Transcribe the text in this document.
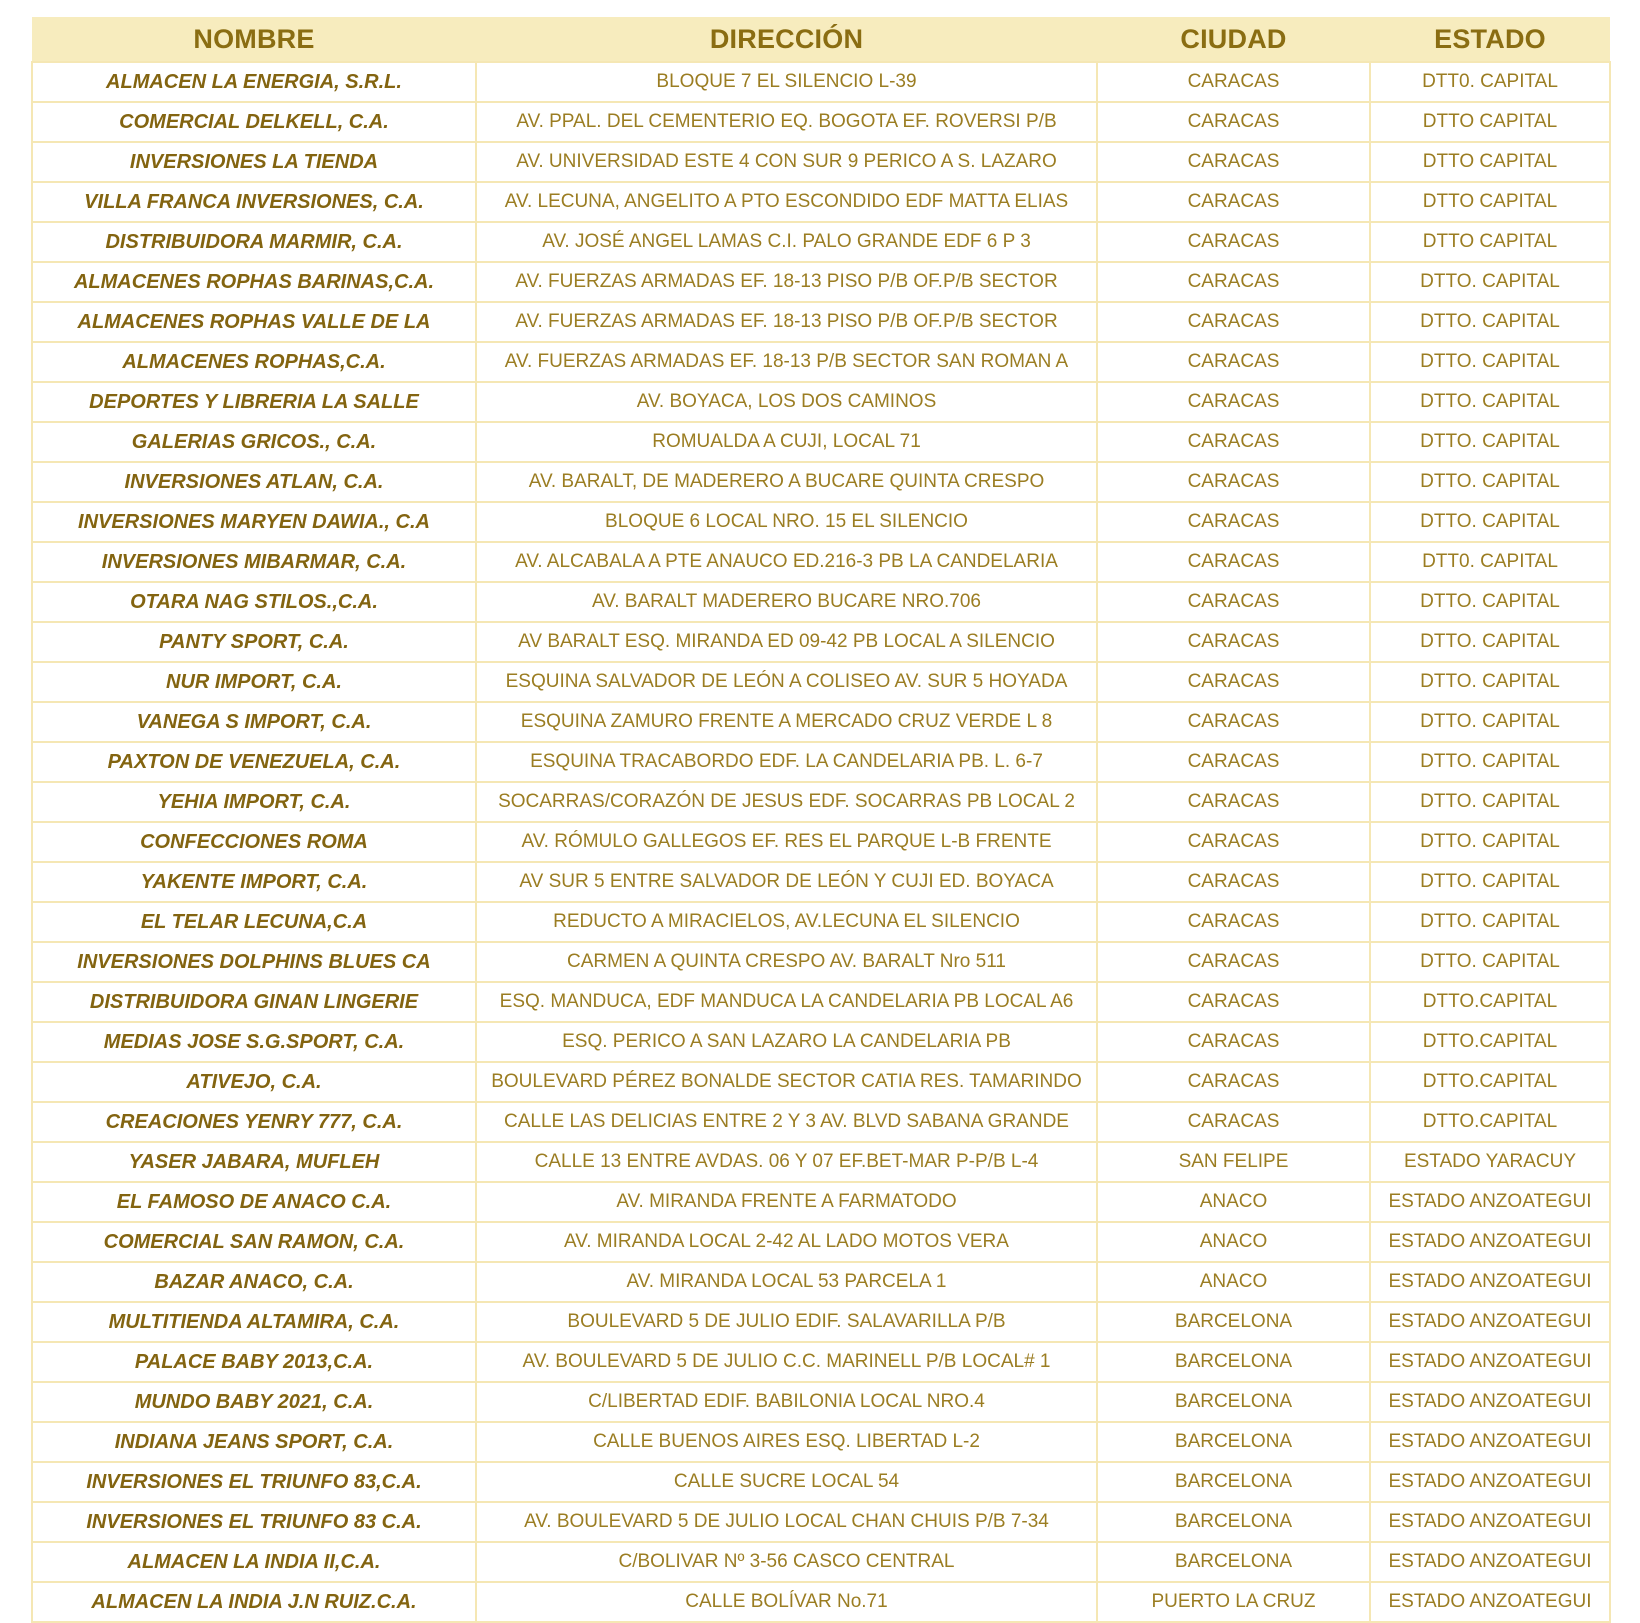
NOMBRE	DIRECCIÓN	CIUDAD	ESTADO
ALMACEN LA ENERGIA, S.R.L.	BLOQUE 7 EL SILENCIO L-39	CARACAS	DTT0. CAPITAL
COMERCIAL DELKELL, C.A.	AV. PPAL. DEL CEMENTERIO EQ. BOGOTA EF. ROVERSI P/B	CARACAS	DTTO CAPITAL
INVERSIONES LA TIENDA	AV. UNIVERSIDAD ESTE 4 CON SUR 9 PERICO A S. LAZARO	CARACAS	DTTO CAPITAL
VILLA FRANCA INVERSIONES, C.A.	AV. LECUNA, ANGELITO A PTO ESCONDIDO EDF MATTA ELIAS	CARACAS	DTTO CAPITAL
DISTRIBUIDORA MARMIR, C.A.	AV. JOSÉ ANGEL LAMAS C.I. PALO GRANDE EDF 6 P 3	CARACAS	DTTO CAPITAL
ALMACENES ROPHAS BARINAS,C.A.	AV. FUERZAS ARMADAS EF. 18-13 PISO P/B OF.P/B SECTOR	CARACAS	DTTO. CAPITAL
ALMACENES ROPHAS VALLE DE LA	AV. FUERZAS ARMADAS EF. 18-13 PISO P/B OF.P/B SECTOR	CARACAS	DTTO. CAPITAL
ALMACENES ROPHAS,C.A.	AV. FUERZAS ARMADAS EF. 18-13 P/B SECTOR SAN ROMAN A	CARACAS	DTTO. CAPITAL
DEPORTES Y LIBRERIA LA SALLE	AV. BOYACA, LOS DOS CAMINOS	CARACAS	DTTO. CAPITAL
GALERIAS GRICOS., C.A.	ROMUALDA A CUJI, LOCAL 71	CARACAS	DTTO. CAPITAL
INVERSIONES ATLAN, C.A.	AV. BARALT, DE MADERERO A BUCARE QUINTA CRESPO	CARACAS	DTTO. CAPITAL
INVERSIONES MARYEN DAWIA., C.A	BLOQUE 6 LOCAL NRO. 15 EL SILENCIO	CARACAS	DTTO. CAPITAL
INVERSIONES MIBARMAR, C.A.	AV. ALCABALA A PTE ANAUCO ED.216-3 PB LA CANDELARIA	CARACAS	DTT0. CAPITAL
OTARA NAG STILOS.,C.A.	AV. BARALT MADERERO BUCARE NRO.706	CARACAS	DTTO. CAPITAL
PANTY SPORT, C.A.	AV BARALT ESQ. MIRANDA ED 09-42 PB LOCAL A SILENCIO	CARACAS	DTTO. CAPITAL
NUR IMPORT, C.A.	ESQUINA SALVADOR DE LEÓN A COLISEO AV. SUR 5 HOYADA	CARACAS	DTTO. CAPITAL
VANEGA S IMPORT, C.A.	ESQUINA ZAMURO FRENTE A MERCADO CRUZ VERDE L 8	CARACAS	DTTO. CAPITAL
PAXTON DE VENEZUELA, C.A.	ESQUINA TRACABORDO EDF. LA CANDELARIA PB. L. 6-7	CARACAS	DTTO. CAPITAL
YEHIA IMPORT, C.A.	SOCARRAS/CORAZÓN DE JESUS EDF. SOCARRAS PB LOCAL 2	CARACAS	DTTO. CAPITAL
CONFECCIONES ROMA	AV. RÓMULO GALLEGOS EF. RES EL PARQUE L-B FRENTE	CARACAS	DTTO. CAPITAL
YAKENTE IMPORT, C.A.	AV SUR 5 ENTRE SALVADOR DE LEÓN Y CUJI ED. BOYACA	CARACAS	DTTO. CAPITAL
EL TELAR LECUNA,C.A	REDUCTO A MIRACIELOS, AV.LECUNA EL SILENCIO	CARACAS	DTTO. CAPITAL
INVERSIONES DOLPHINS BLUES CA	CARMEN A QUINTA CRESPO AV. BARALT Nro 511	CARACAS	DTTO. CAPITAL
DISTRIBUIDORA GINAN LINGERIE	ESQ. MANDUCA, EDF MANDUCA LA CANDELARIA PB LOCAL A6	CARACAS	DTTO.CAPITAL
MEDIAS JOSE S.G.SPORT, C.A.	ESQ. PERICO A SAN LAZARO LA CANDELARIA PB	CARACAS	DTTO.CAPITAL
ATIVEJO, C.A.	BOULEVARD PÉREZ BONALDE SECTOR CATIA RES. TAMARINDO	CARACAS	DTTO.CAPITAL
CREACIONES YENRY 777, C.A.	CALLE LAS DELICIAS ENTRE 2 Y 3 AV. BLVD SABANA GRANDE	CARACAS	DTTO.CAPITAL
YASER JABARA, MUFLEH	CALLE 13 ENTRE AVDAS. 06 Y 07 EF.BET-MAR P-P/B L-4	SAN FELIPE	ESTADO YARACUY
EL FAMOSO DE ANACO C.A.	AV. MIRANDA FRENTE A FARMATODO	ANACO	ESTADO ANZOATEGUI
COMERCIAL SAN RAMON, C.A.	AV. MIRANDA LOCAL 2-42 AL LADO MOTOS VERA	ANACO	ESTADO ANZOATEGUI
BAZAR ANACO, C.A.	AV. MIRANDA LOCAL 53 PARCELA 1	ANACO	ESTADO ANZOATEGUI
MULTITIENDA ALTAMIRA, C.A.	BOULEVARD 5 DE JULIO EDIF. SALAVARILLA P/B	BARCELONA	ESTADO ANZOATEGUI
PALACE BABY 2013,C.A.	AV. BOULEVARD 5 DE JULIO C.C. MARINELL P/B LOCAL# 1	BARCELONA	ESTADO ANZOATEGUI
MUNDO BABY 2021, C.A.	C/LIBERTAD EDIF. BABILONIA LOCAL NRO.4	BARCELONA	ESTADO ANZOATEGUI
INDIANA JEANS SPORT, C.A.	CALLE BUENOS AIRES ESQ. LIBERTAD L-2	BARCELONA	ESTADO ANZOATEGUI
INVERSIONES EL TRIUNFO 83,C.A.	CALLE SUCRE LOCAL 54	BARCELONA	ESTADO ANZOATEGUI
INVERSIONES EL TRIUNFO 83 C.A.	AV. BOULEVARD 5 DE JULIO LOCAL CHAN CHUIS P/B 7-34	BARCELONA	ESTADO ANZOATEGUI
ALMACEN LA INDIA II,C.A.	C/BOLIVAR Nº 3-56 CASCO CENTRAL	BARCELONA	ESTADO ANZOATEGUI
ALMACEN LA INDIA J.N RUIZ.C.A.	CALLE BOLÍVAR No.71	PUERTO LA CRUZ	ESTADO ANZOATEGUI
